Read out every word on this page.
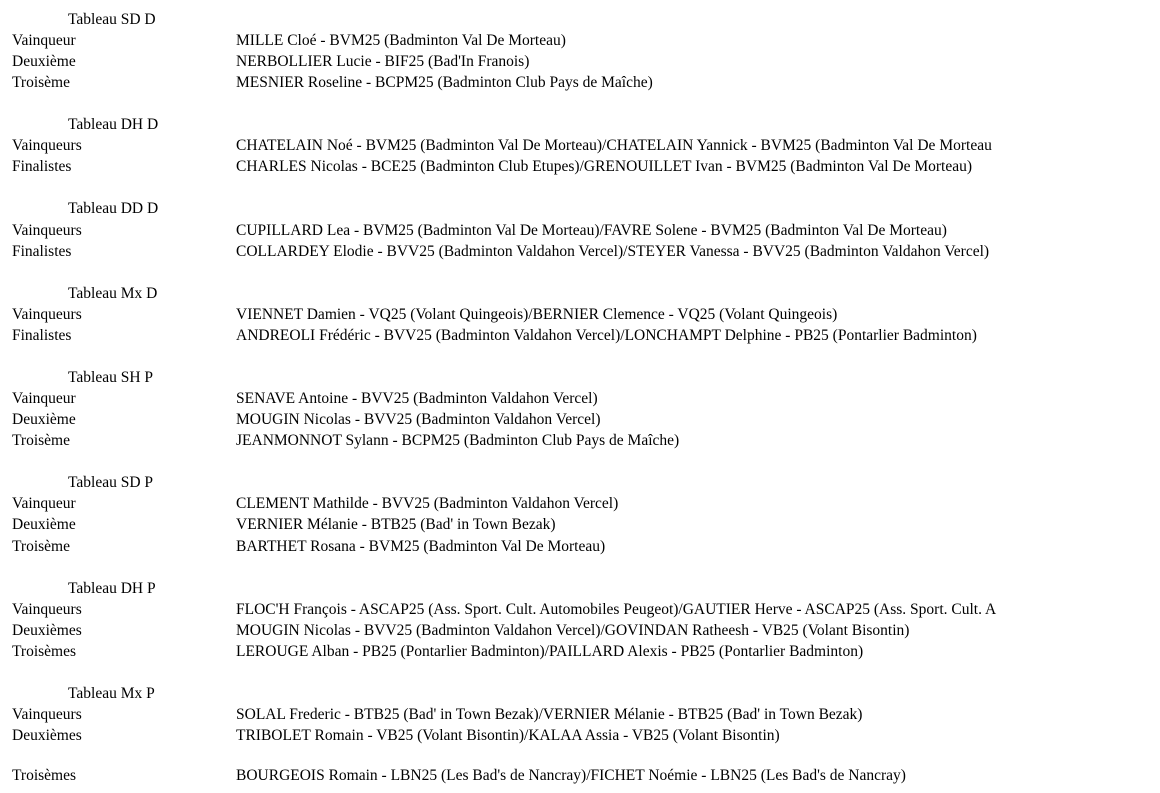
Tableau SD D
Vainqueur	MILLE Cloé - BVM25 (Badminton Val De Morteau)
Deuxième	NERBOLLIER Lucie - BIF25 (Bad'In Franois)
Troisème	MESNIER Roseline - BCPM25 (Badminton Club Pays de Maîche)
Tableau DH D
Vainqueurs	CHATELAIN Noé - BVM25 (Badminton Val De Morteau)/CHATELAIN Yannick - BVM25 (Badminton Val De Morteau
Finalistes	CHARLES Nicolas - BCE25 (Badminton Club Etupes)/GRENOUILLET Ivan - BVM25 (Badminton Val De Morteau)
Tableau DD D
Vainqueurs	CUPILLARD Lea - BVM25 (Badminton Val De Morteau)/FAVRE Solene - BVM25 (Badminton Val De Morteau)
Finalistes	COLLARDEY Elodie - BVV25 (Badminton Valdahon Vercel)/STEYER Vanessa - BVV25 (Badminton Valdahon Vercel)
Tableau Mx D
Vainqueurs	VIENNET Damien - VQ25 (Volant Quingeois)/BERNIER Clemence - VQ25 (Volant Quingeois)
Finalistes	ANDREOLI Frédéric - BVV25 (Badminton Valdahon Vercel)/LONCHAMPT Delphine - PB25 (Pontarlier Badminton)
Tableau SH P
Vainqueur	SENAVE Antoine - BVV25 (Badminton Valdahon Vercel)
Deuxième	MOUGIN Nicolas - BVV25 (Badminton Valdahon Vercel)
Troisème	JEANMONNOT Sylann - BCPM25 (Badminton Club Pays de Maîche)
Tableau SD P
Vainqueur	CLEMENT Mathilde - BVV25 (Badminton Valdahon Vercel)
Deuxième	VERNIER Mélanie - BTB25 (Bad' in Town Bezak)
Troisème	BARTHET Rosana - BVM25 (Badminton Val De Morteau)
Tableau DH P
Vainqueurs	FLOC'H François - ASCAP25 (Ass. Sport. Cult. Automobiles Peugeot)/GAUTIER Herve - ASCAP25 (Ass. Sport. Cult. A
Deuxièmes	MOUGIN Nicolas - BVV25 (Badminton Valdahon Vercel)/GOVINDAN Ratheesh - VB25 (Volant Bisontin)
Troisèmes	LEROUGE Alban - PB25 (Pontarlier Badminton)/PAILLARD Alexis - PB25 (Pontarlier Badminton)
Tableau Mx P
Vainqueurs	SOLAL Frederic - BTB25 (Bad' in Town Bezak)/VERNIER Mélanie - BTB25 (Bad' in Town Bezak)
Deuxièmes	TRIBOLET Romain - VB25 (Volant Bisontin)/KALAA Assia - VB25 (Volant Bisontin)
Troisèmes	BOURGEOIS Romain - LBN25 (Les Bad's de Nancray)/FICHET Noémie - LBN25 (Les Bad's de Nancray)
